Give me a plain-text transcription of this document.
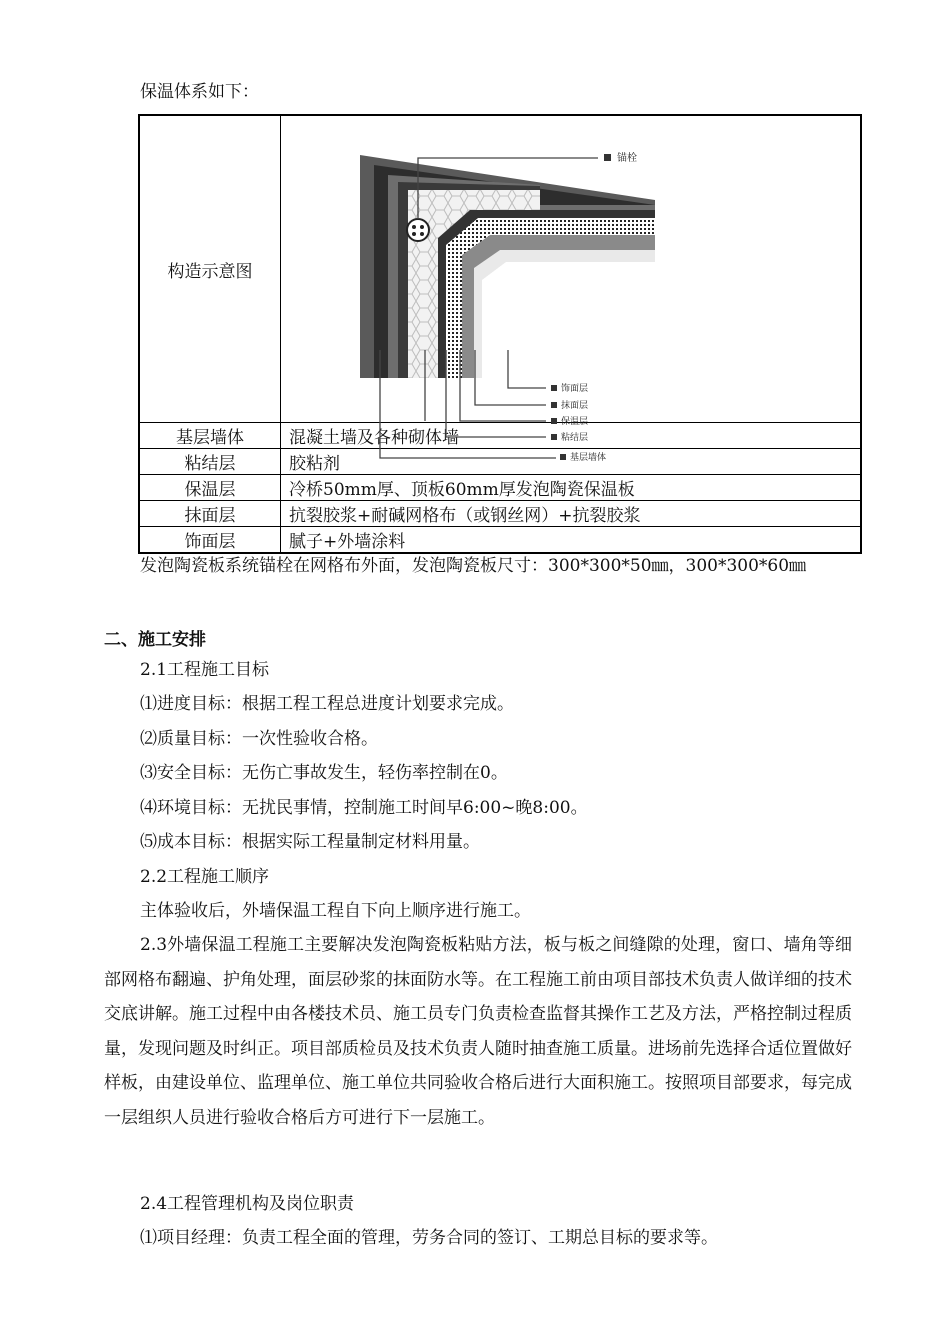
保温体系如下：
构造示意图	
基层墙体	混凝土墙及各种砌体墙
粘结层	胶粘剂
保温层	冷桥50mm厚、顶板60mm厚发泡陶瓷保温板
抹面层	抗裂胶浆+耐碱网格布（或钢丝网）+抗裂胶浆
饰面层	腻子+外墙涂料
锚栓
饰面层
抹面层
保温层
粘结层
基层墙体
发泡陶瓷板系统锚栓在网格布外面，发泡陶瓷板尺寸：300*300*50㎜，300*300*60㎜
二、施工安排
2.1工程施工目标
⑴进度目标：根据工程工程总进度计划要求完成。
⑵质量目标：一次性验收合格。
⑶安全目标：无伤亡事故发生，轻伤率控制在0。
⑷环境目标：无扰民事情，控制施工时间早6:00~晚8:00。
⑸成本目标：根据实际工程量制定材料用量。
2.2工程施工顺序
主体验收后，外墙保温工程自下向上顺序进行施工。
2.3外墙保温工程施工主要解决发泡陶瓷板粘贴方法，板与板之间缝隙的处理，窗口、墙角等细部网格布翻遍、护角处理，面层砂浆的抹面防水等。在工程施工前由项目部技术负责人做详细的技术交底讲解。施工过程中由各楼技术员、施工员专门负责检查监督其操作工艺及方法，严格控制过程质量，发现问题及时纠正。项目部质检员及技术负责人随时抽查施工质量。进场前先选择合适位置做好样板，由建设单位、监理单位、施工单位共同验收合格后进行大面积施工。按照项目部要求，每完成一层组织人员进行验收合格后方可进行下一层施工。
2.4工程管理机构及岗位职责
⑴项目经理：负责工程全面的管理，劳务合同的签订、工期总目标的要求等。
